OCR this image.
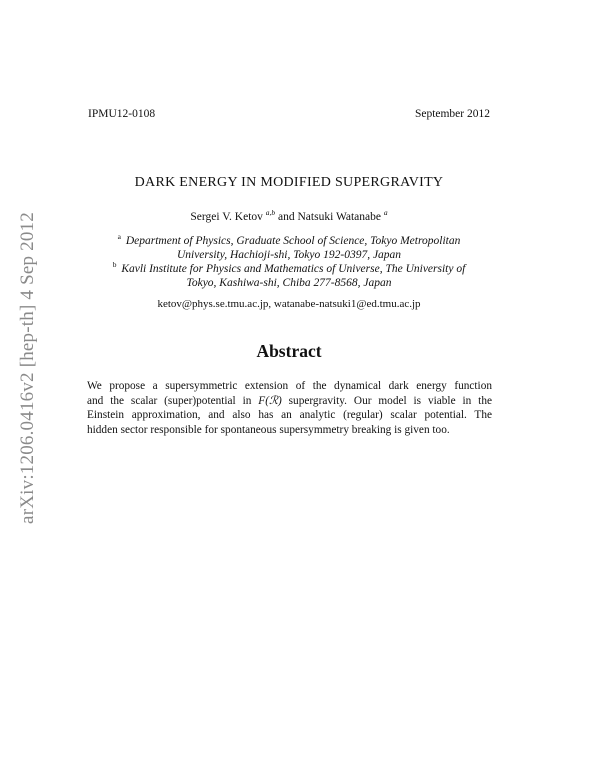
arXiv:1206.0416v2 [hep-th] 4 Sep 2012
IPMU12-0108	September 2012
DARK ENERGY IN MODIFIED SUPERGRAVITY
Sergei V. Ketov $^{a,b}$ and Natsuki Watanabe $^a$
$^a$ Department of Physics, Graduate School of Science, Tokyo Metropolitan
University, Hachioji-shi, Tokyo 192-0397, Japan
$^b$ Kavli Institute for Physics and Mathematics of Universe, The University of
Tokyo, Kashiwa-shi, Chiba 277-8568, Japan
ketov@phys.se.tmu.ac.jp, watanabe-natsuki1@ed.tmu.ac.jp
Abstract
We propose a supersymmetric extension of the dynamical dark energy function
and the scalar (super)potential in F(ℛ) supergravity. Our model is viable in the
Einstein approximation, and also has an analytic (regular) scalar potential. The
hidden sector responsible for spontaneous supersymmetry breaking is given too.
